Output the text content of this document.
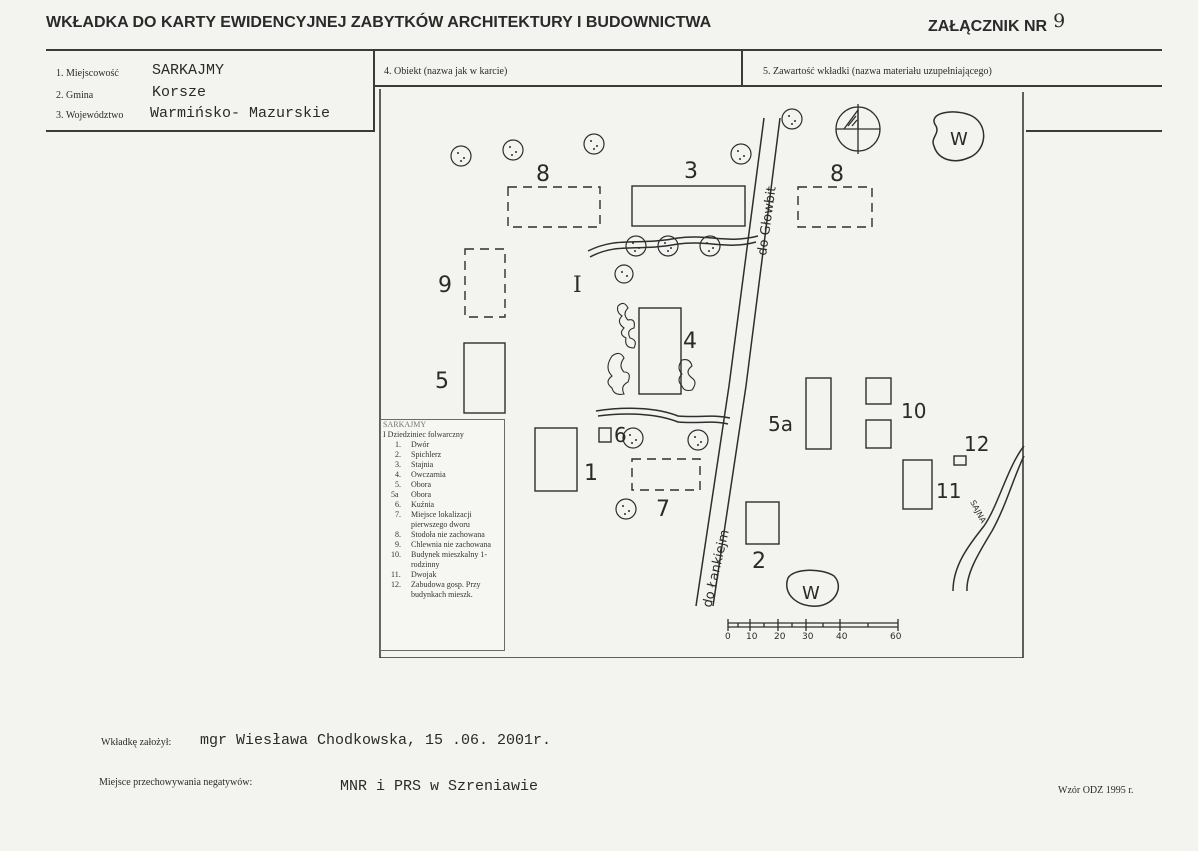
WKŁADKA DO KARTY EWIDENCYJNEJ ZABYTKÓW ARCHITEKTURY I BUDOWNICTWA	ZAŁĄCZNIK NR 9
1. Miejscowość SARKAJMY
2. Gmina	Korsze
3. Województwo Warmińsko- Mazurskie
4. Obiekt (nazwa jak w karcie)	5. Zawartość wkładki (nazwa materiału uzupełniającego)
0 10 20 30	40	60
3
8	8
9	I
4
5
5a
6
1
7
2
10
11
12
W
W
do Głowbit
do Łankiejm
SAJNA
SARKAJMY
I Dziedziniec folwarczny
1. Dwór
2. Spichlerz
3. Stajnia
4. Owczarnia
5. Obora
5a Obora
6. Kuźnia
7. Miejsce lokalizacji pierwszego dworu
8. Stodoła nie zachowana
9. Chlewnia nie zachowana
10. Budynek mieszkalny 1-rodzinny
11. Dwojak
12. Zabudowa gosp. Przy budynkach mieszk.
Wkładkę założył: mgr Wiesława Chodkowska, 15 .06. 2001r.
Miejsce przechowywania negatywów:	MNR i PRS w Szreniawie	Wzór ODZ 1995 r.
